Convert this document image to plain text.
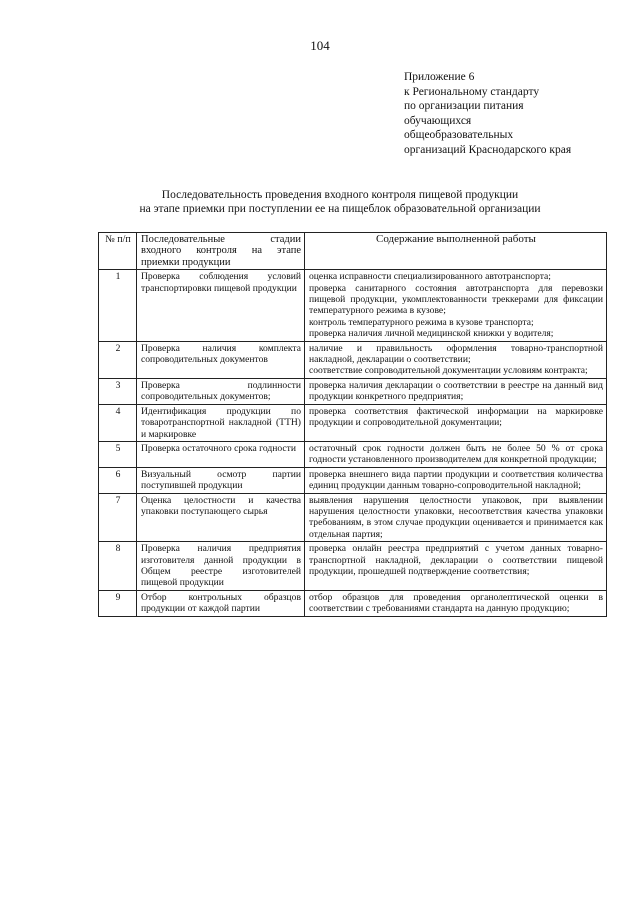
104
Приложение 6
к Региональному стандарту
по организации питания
обучающихся
общеобразовательных
организаций Краснодарского края
Последовательность проведения входного контроля пищевой продукции
на этапе приемки при поступлении ее на пищеблок образовательной организации
№ п/п	Последовательные стадии входного контроля на этапе приемки продукции	Содержание выполненной работы
1	Проверка соблюдения условий транспортировки пищевой продукции	оценка исправности специализированного автотранспорта;
проверка санитарного состояния автотранспорта для перевозки пищевой продукции, укомплектованности треккерами для фиксации температурного режима в кузове;
контроль температурного режима в кузове транспорта;
проверка наличия личной медицинской книжки у водителя;

2	Проверка наличия комплекта сопроводительных документов	наличие и правильность оформления товарно-транспортной накладной, декларации о соответствии;
соответствие сопроводительной документации условиям контракта;

3	Проверка подлинности сопроводительных документов;	проверка наличия декларации о соответствии в реестре на данный вид продукции конкретного предприятия;

4	Идентификация продукции по товаротранспортной накладной (ТТН) и маркировке	проверка соответствия фактической информации на маркировке продукции и сопроводительной документации;

5	Проверка остаточного срока годности	остаточный срок годности должен быть не более 50 % от срока годности установленного производителем для конкретной продукции;

6	Визуальный осмотр партии поступившей продукции	проверка внешнего вида партии продукции и соответствия количества единиц продукции данным товарно-сопроводительной накладной;

7	Оценка целостности и качества упаковки поступающего сырья	выявления нарушения целостности упаковок, при выявлении нарушения целостности упаковки, несоответствия качества упаковки требованиям, в этом случае продукции оценивается и принимается как отдельная партия;

8	Проверка наличия предприятия изготовителя данной продукции в Общем реестре изготовителей пищевой продукции	проверка онлайн реестра предприятий с учетом данных товарно-транспортной накладной, декларации о соответствии пищевой продукции, прошедшей подтверждение соответствия;

9	Отбор контрольных образцов продукции от каждой партии	отбор образцов для проведения органолептической оценки в соответствии с требованиями стандарта на данную продукцию;
